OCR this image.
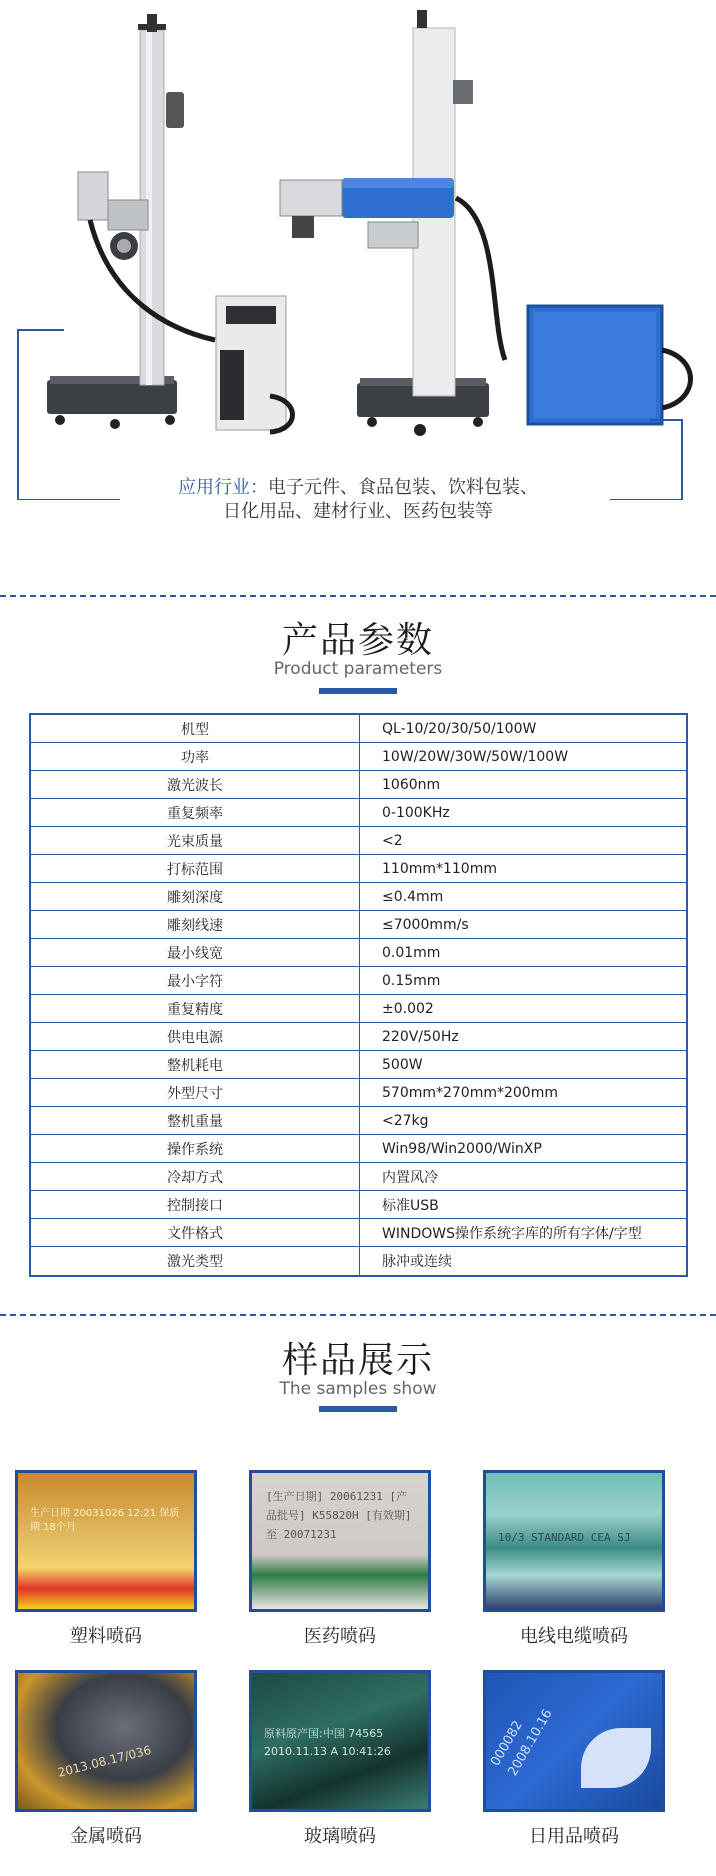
应用行业：电子元件、食品包装、饮料包装、
日化用品、建材行业、医药包装等
产品参数
Product parameters
机型	QL-10/20/30/50/100W
功率	10W/20W/30W/50W/100W
激光波长	1060nm
重复频率	0-100KHz
光束质量	<2
打标范围	110mm*110mm
雕刻深度	≤0.4mm
雕刻线速	≤7000mm/s
最小线宽	0.01mm
最小字符	0.15mm
重复精度	±0.002
供电电源	220V/50Hz
整机耗电	500W
外型尺寸	570mm*270mm*200mm
整机重量	<27kg
操作系统	Win98/Win2000/WinXP
冷却方式	内置风冷
控制接口	标准USB
文件格式	WINDOWS操作系统字库的所有字体/字型
激光类型	脉冲或连续
样品展示
The samples show
生产日期 20031026 12:21 保质期 18个月
[生产日期] 20061231 [产品批号] K55820H [有效期]至 20071231	10/3 STANDARD CEA SJ
塑料喷码	医药喷码	电线电缆喷码
2013.08.17/036
原料原产国:中国 74565 2010.11.13 A 10:41:26	000082 2008.10.16
金属喷码	玻璃喷码	日用品喷码
